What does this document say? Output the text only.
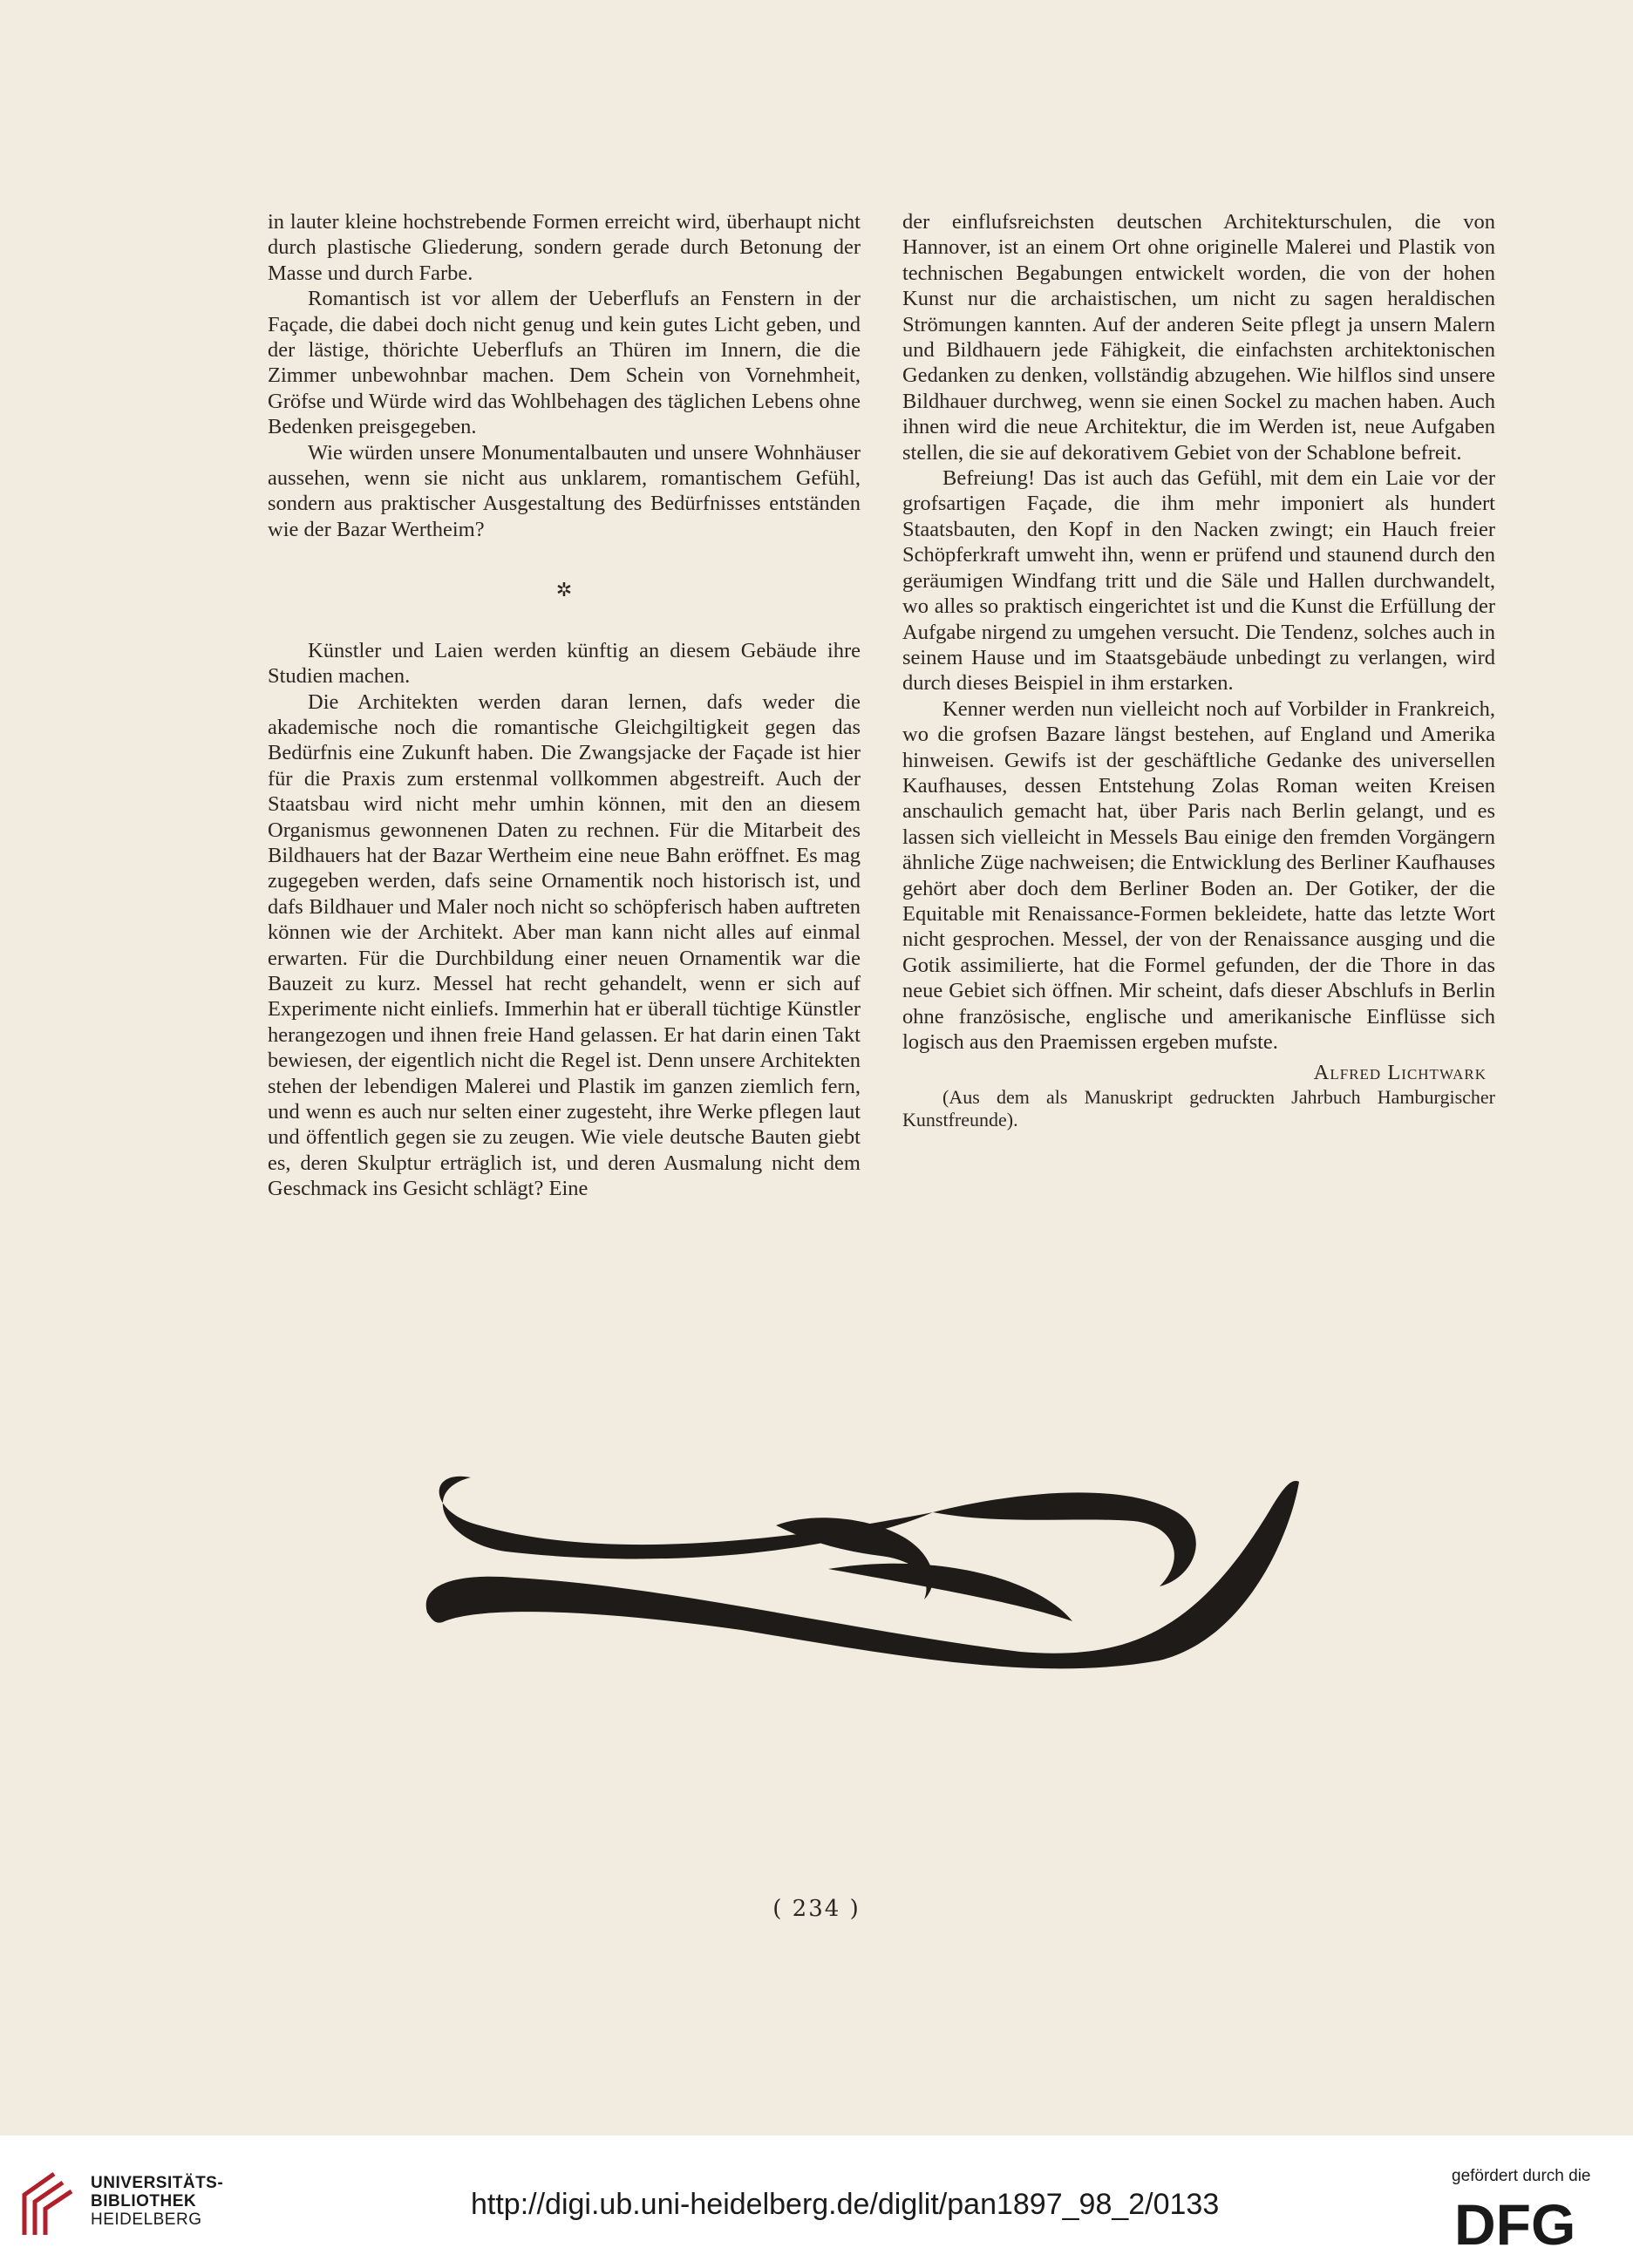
in lauter kleine hochstrebende Formen erreicht wird, überhaupt nicht durch plastische Gliederung, sondern gerade durch Betonung der Masse und durch Farbe.

Romantisch ist vor allem der Ueberflufs an Fenstern in der Façade, die dabei doch nicht genug und kein gutes Licht geben, und der lästige, thörichte Ueberflufs an Thüren im Innern, die die Zimmer unbewohnbar machen. Dem Schein von Vornehmheit, Gröfse und Würde wird das Wohlbehagen des täglichen Lebens ohne Bedenken preisgegeben.

Wie würden unsere Monumentalbauten und unsere Wohnhäuser aussehen, wenn sie nicht aus unklarem, romantischem Gefühl, sondern aus praktischer Ausgestaltung des Bedürfnisses entständen wie der Bazar Wertheim?

✲

Künstler und Laien werden künftig an diesem Gebäude ihre Studien machen.

Die Architekten werden daran lernen, dafs weder die akademische noch die romantische Gleichgiltigkeit gegen das Bedürfnis eine Zukunft haben. Die Zwangsjacke der Façade ist hier für die Praxis zum erstenmal vollkommen abgestreift. Auch der Staatsbau wird nicht mehr umhin können, mit den an diesem Organismus gewonnenen Daten zu rechnen. Für die Mitarbeit des Bildhauers hat der Bazar Wertheim eine neue Bahn eröffnet. Es mag zugegeben werden, dafs seine Ornamentik noch historisch ist, und dafs Bildhauer und Maler noch nicht so schöpferisch haben auftreten können wie der Architekt. Aber man kann nicht alles auf einmal erwarten. Für die Durchbildung einer neuen Ornamentik war die Bauzeit zu kurz. Messel hat recht gehandelt, wenn er sich auf Experimente nicht einliefs. Immerhin hat er überall tüchtige Künstler herangezogen und ihnen freie Hand gelassen. Er hat darin einen Takt bewiesen, der eigentlich nicht die Regel ist. Denn unsere Architekten stehen der lebendigen Malerei und Plastik im ganzen ziemlich fern, und wenn es auch nur selten einer zugesteht, ihre Werke pflegen laut und öffentlich gegen sie zu zeugen. Wie viele deutsche Bauten giebt es, deren Skulptur erträglich ist, und deren Ausmalung nicht dem Geschmack ins Gesicht schlägt? Eine

der einflufsreichsten deutschen Architekturschulen, die von Hannover, ist an einem Ort ohne originelle Malerei und Plastik von technischen Begabungen entwickelt worden, die von der hohen Kunst nur die archaistischen, um nicht zu sagen heraldischen Strömungen kannten. Auf der anderen Seite pflegt ja unsern Malern und Bildhauern jede Fähigkeit, die einfachsten architektonischen Gedanken zu denken, vollständig abzugehen. Wie hilflos sind unsere Bildhauer durchweg, wenn sie einen Sockel zu machen haben. Auch ihnen wird die neue Architektur, die im Werden ist, neue Aufgaben stellen, die sie auf dekorativem Gebiet von der Schablone befreit.

Befreiung! Das ist auch das Gefühl, mit dem ein Laie vor der grofsartigen Façade, die ihm mehr imponiert als hundert Staatsbauten, den Kopf in den Nacken zwingt; ein Hauch freier Schöpferkraft umweht ihn, wenn er prüfend und staunend durch den geräumigen Windfang tritt und die Säle und Hallen durchwandelt, wo alles so praktisch eingerichtet ist und die Kunst die Erfüllung der Aufgabe nirgend zu umgehen versucht. Die Tendenz, solches auch in seinem Hause und im Staatsgebäude unbedingt zu verlangen, wird durch dieses Beispiel in ihm erstarken.

Kenner werden nun vielleicht noch auf Vorbilder in Frankreich, wo die grofsen Bazare längst bestehen, auf England und Amerika hinweisen. Gewifs ist der geschäftliche Gedanke des universellen Kaufhauses, dessen Entstehung Zolas Roman weiten Kreisen anschaulich gemacht hat, über Paris nach Berlin gelangt, und es lassen sich vielleicht in Messels Bau einige den fremden Vorgängern ähnliche Züge nachweisen; die Entwicklung des Berliner Kaufhauses gehört aber doch dem Berliner Boden an. Der Gotiker, der die Equitable mit Renaissance-Formen bekleidete, hatte das letzte Wort nicht gesprochen. Messel, der von der Renaissance ausging und die Gotik assimilierte, hat die Formel gefunden, der die Thore in das neue Gebiet sich öffnen. Mir scheint, dafs dieser Abschlufs in Berlin ohne französische, englische und amerikanische Einflüsse sich logisch aus den Praemissen ergeben mufste.

Alfred Lichtwark

(Aus dem als Manuskript gedruckten Jahrbuch Hamburgischer Kunstfreunde).

( 234 )
UNIVERSITÄTS-
BIBLIOTHEK
HEIDELBERG	http://digi.ub.uni-heidelberg.de/diglit/pan1897_98_2/0133
gefördert durch die
DFG
